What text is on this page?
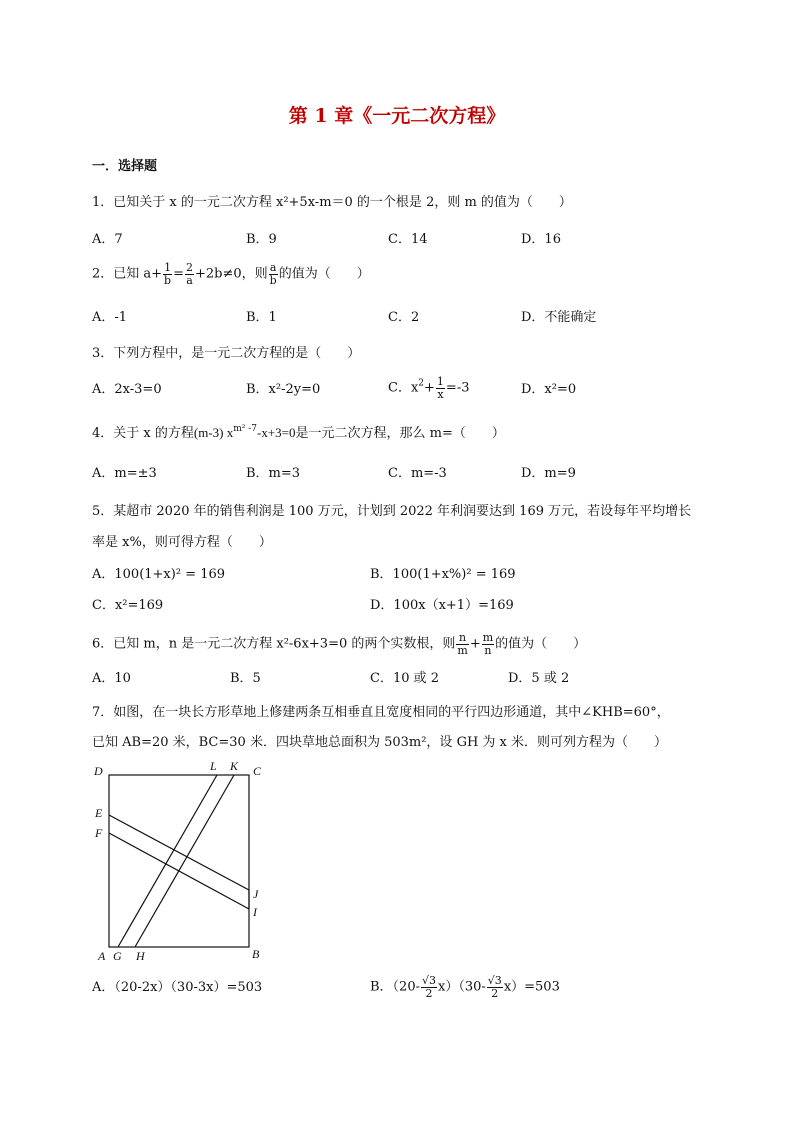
第 1 章《一元二次方程》
一．选择题
1．已知关于 x 的一元二次方程 x²+5x-m＝0 的一个根是 2，则 m 的值为（　　）
A．7	B．9	C．14	D．16
2．已知 $a+ \frac{1}{b} = \frac{2}{a} +2b\ne 0$，则 $\frac{a}{b}$ 的值为（　　）
A．-1	B．1	C．2	D．不能确定
3．下列方程中，是一元二次方程的是（　　）
A．2x-3=0	B．x²-2y=0	C．$x^2+ \frac{1}{x} =-3$	D．x²=0
4．关于 x 的方程(m-3) $x^{m^2 -7}-x+3=0$是一元二次方程，那么 m=（　　）
A．m=±3	B．m=3	C．m=-3	D．m=9
5．某超市 2020 年的销售利润是 100 万元，计划到 2022 年利润要达到 169 万元，若设每年平均增长
率是 x%，则可得方程（　　）
A．100(1+x)² = 169	B．100(1+x%)² = 169
C．x²=169	D．100x（x+1）=169
6．已知 m，n 是一元二次方程 x²-6x+3=0 的两个实数根，则 $\frac{n}{m} + \frac{m}{n}$ 的值为（　　）
A．10	B．5	C．10 或 2	D．5 或 2
7．如图，在一块长方形草地上修建两条互相垂直且宽度相同的平行四边形通道，其中∠KHB=60°，
已知 AB=20 米，BC=30 米．四块草地总面积为 503m²，设 GH 为 x 米．则可列方程为（　　）
D	L K C
E
F
J
I
A G H	B
A．（20-2x）（30-3x）=503	B．$(20- \frac{√3}{2} x)(30- \frac{√3}{2} x)=503$
